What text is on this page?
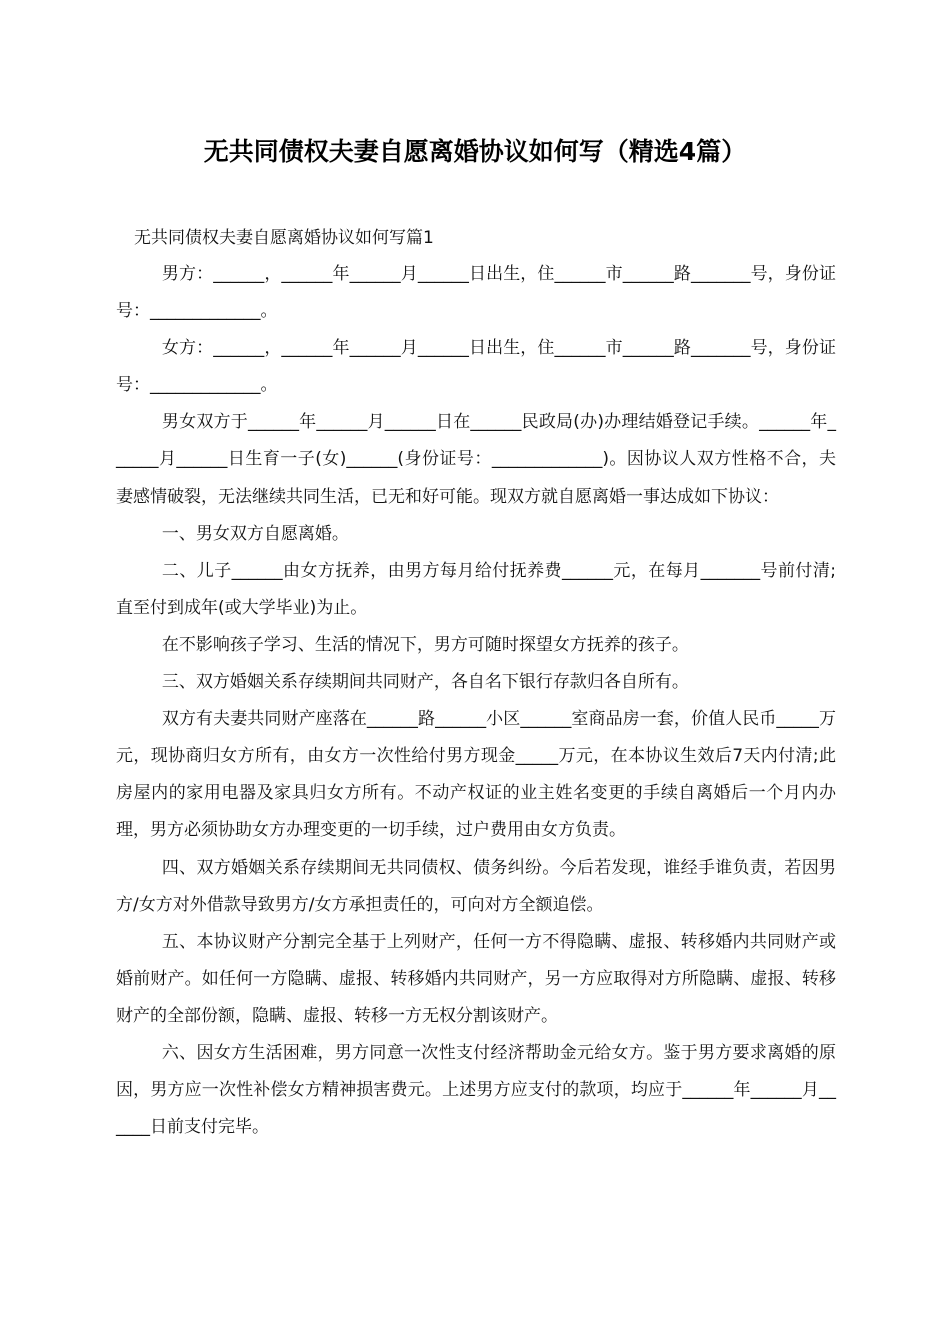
无共同债权夫妻自愿离婚协议如何写（精选4篇）
无共同债权夫妻自愿离婚协议如何写篇1

男方：______，______年______月______日出生，住______市______路_______号，身份证号：_____________。

女方：______，______年______月______日出生，住______市______路_______号，身份证号：_____________。

男女双方于______年______月______日在______民政局(办)办理结婚登记手续。______年______月______日生育一子(女)______(身份证号：_____________)。因协议人双方性格不合，夫妻感情破裂，无法继续共同生活，已无和好可能。现双方就自愿离婚一事达成如下协议：

一、男女双方自愿离婚。

二、儿子______由女方抚养，由男方每月给付抚养费______元，在每月_______号前付清;直至付到成年(或大学毕业)为止。

在不影响孩子学习、生活的情况下，男方可随时探望女方抚养的孩子。

三、双方婚姻关系存续期间共同财产，各自名下银行存款归各自所有。

双方有夫妻共同财产座落在______路______小区______室商品房一套，价值人民币_____万元，现协商归女方所有，由女方一次性给付男方现金_____万元，在本协议生效后7天内付清;此房屋内的家用电器及家具归女方所有。不动产权证的业主姓名变更的手续自离婚后一个月内办理，男方必须协助女方办理变更的一切手续，过户费用由女方负责。

四、双方婚姻关系存续期间无共同债权、债务纠纷。今后若发现，谁经手谁负责，若因男方/女方对外借款导致男方/女方承担责任的，可向对方全额追偿。

五、本协议财产分割完全基于上列财产，任何一方不得隐瞒、虚报、转移婚内共同财产或婚前财产。如任何一方隐瞒、虚报、转移婚内共同财产，另一方应取得对方所隐瞒、虚报、转移财产的全部份额，隐瞒、虚报、转移一方无权分割该财产。

六、因女方生活困难，男方同意一次性支付经济帮助金元给女方。鉴于男方要求离婚的原因，男方应一次性补偿女方精神损害费元。上述男方应支付的款项，均应于______年______月______日前支付完毕。
